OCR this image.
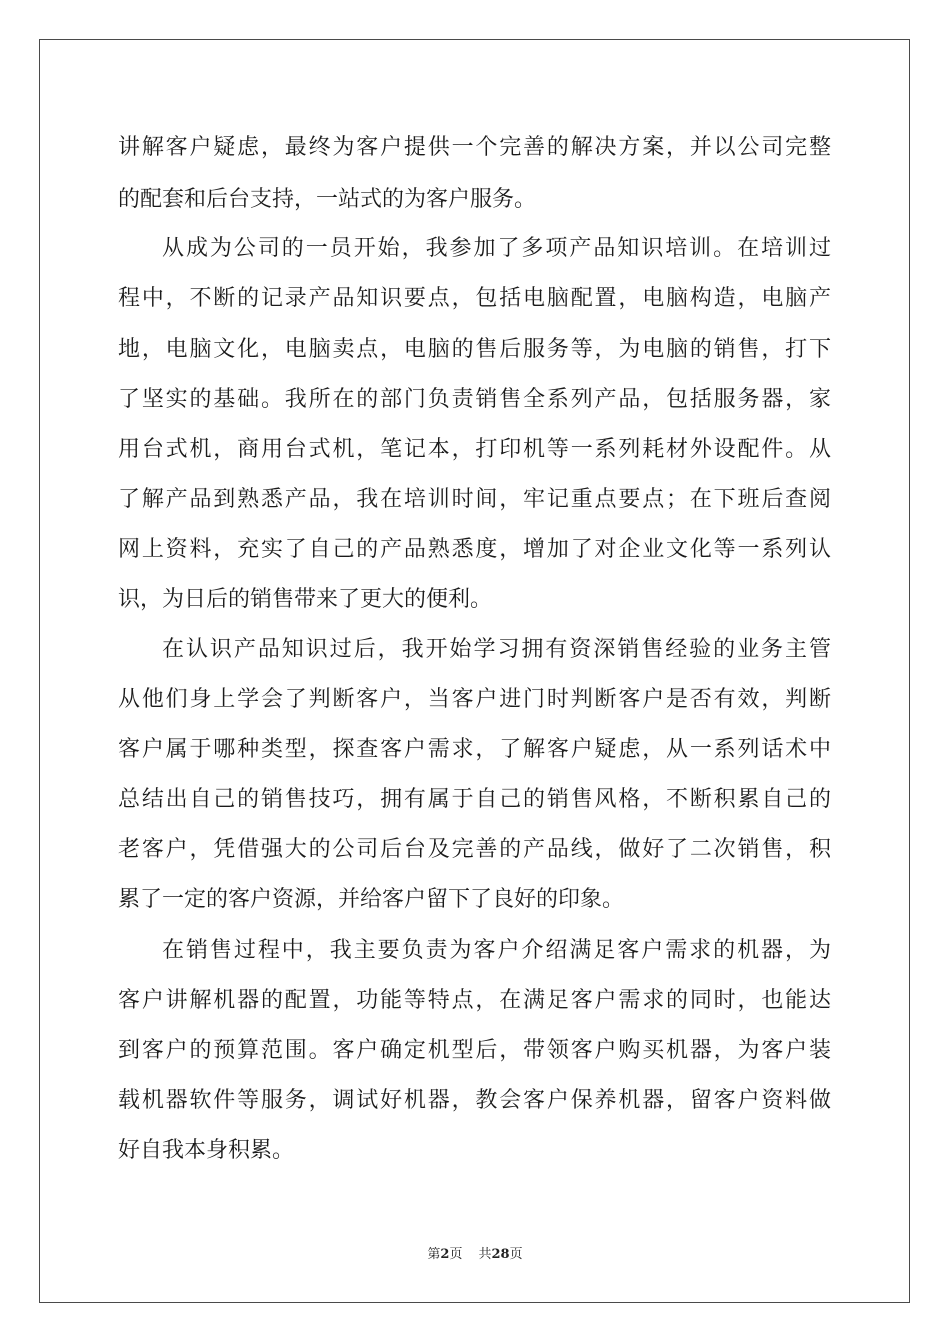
讲解客户疑虑，最终为客户提供一个完善的解决方案，并以公司完整
的配套和后台支持，一站式的为客户服务。
从成为公司的一员开始，我参加了多项产品知识培训。在培训过
程中，不断的记录产品知识要点，包括电脑配置，电脑构造，电脑产
地，电脑文化，电脑卖点，电脑的售后服务等，为电脑的销售，打下
了坚实的基础。我所在的部门负责销售全系列产品，包括服务器，家
用台式机，商用台式机，笔记本，打印机等一系列耗材外设配件。从
了解产品到熟悉产品，我在培训时间，牢记重点要点；在下班后查阅
网上资料，充实了自己的产品熟悉度，增加了对企业文化等一系列认
识，为日后的销售带来了更大的便利。
在认识产品知识过后，我开始学习拥有资深销售经验的业务主管
从他们身上学会了判断客户，当客户进门时判断客户是否有效，判断
客户属于哪种类型，探查客户需求，了解客户疑虑，从一系列话术中
总结出自己的销售技巧，拥有属于自己的销售风格，不断积累自己的
老客户，凭借强大的公司后台及完善的产品线，做好了二次销售，积
累了一定的客户资源，并给客户留下了良好的印象。
在销售过程中，我主要负责为客户介绍满足客户需求的机器，为
客户讲解机器的配置，功能等特点，在满足客户需求的同时，也能达
到客户的预算范围。客户确定机型后，带领客户购买机器，为客户装
载机器软件等服务，调试好机器，教会客户保养机器，留客户资料做
好自我本身积累。
第2页 共28页
